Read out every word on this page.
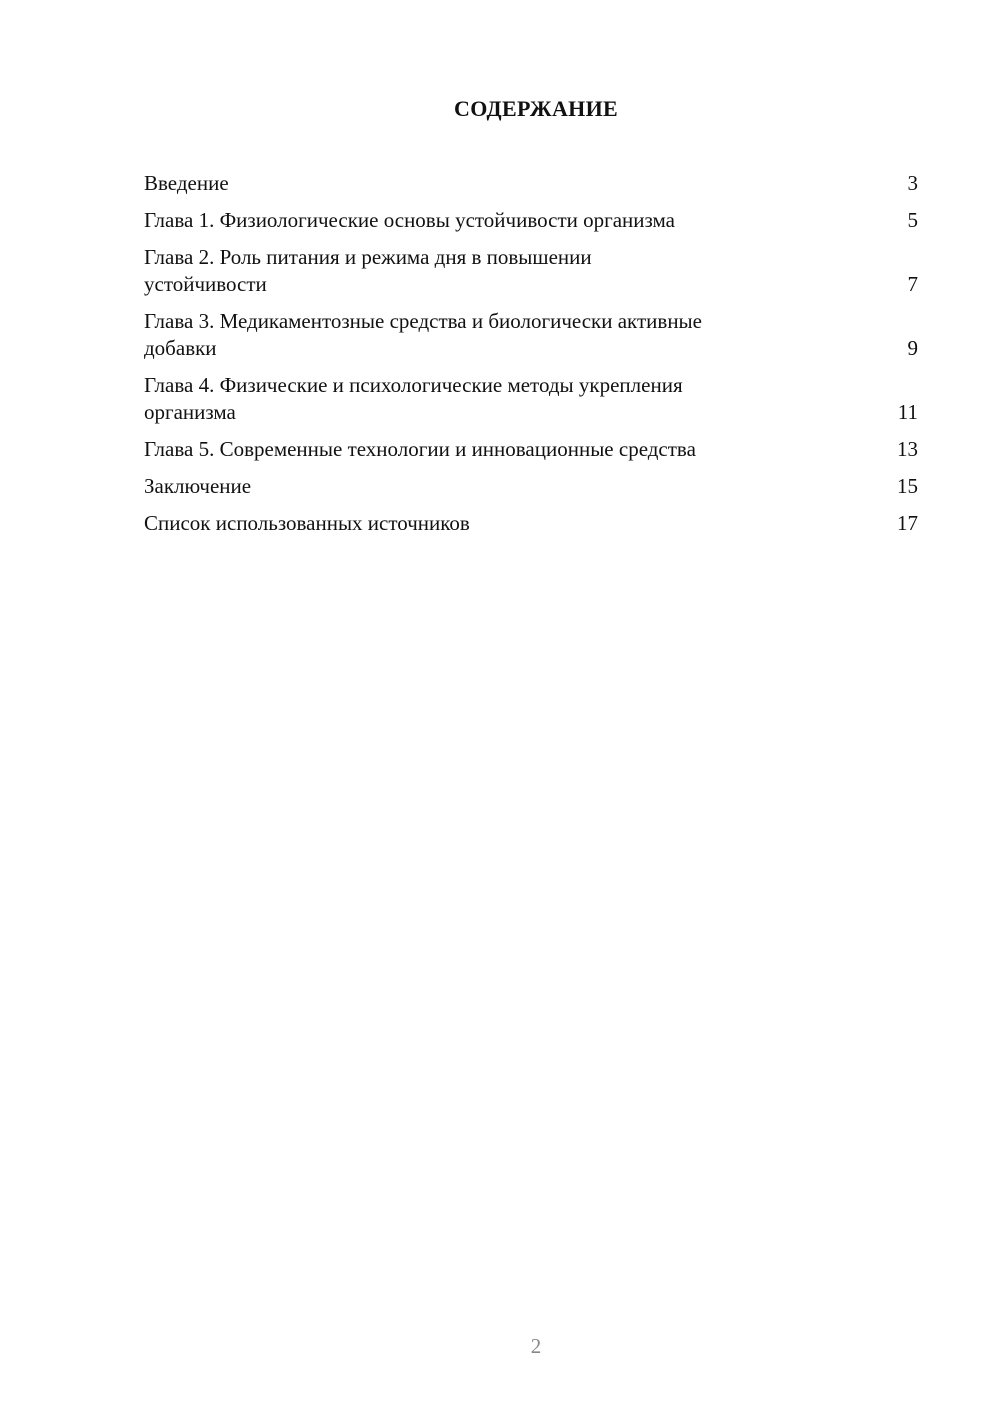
СОДЕРЖАНИЕ
Введение	3
Глава 1. Физиологические основы устойчивости организма	5
Глава 2. Роль питания и режима дня в повышении
устойчивости	7
Глава 3. Медикаментозные средства и биологически активные
добавки	9
Глава 4. Физические и психологические методы укрепления
организма	11
Глава 5. Современные технологии и инновационные средства	13
Заключение	15
Список использованных источников	17
2
